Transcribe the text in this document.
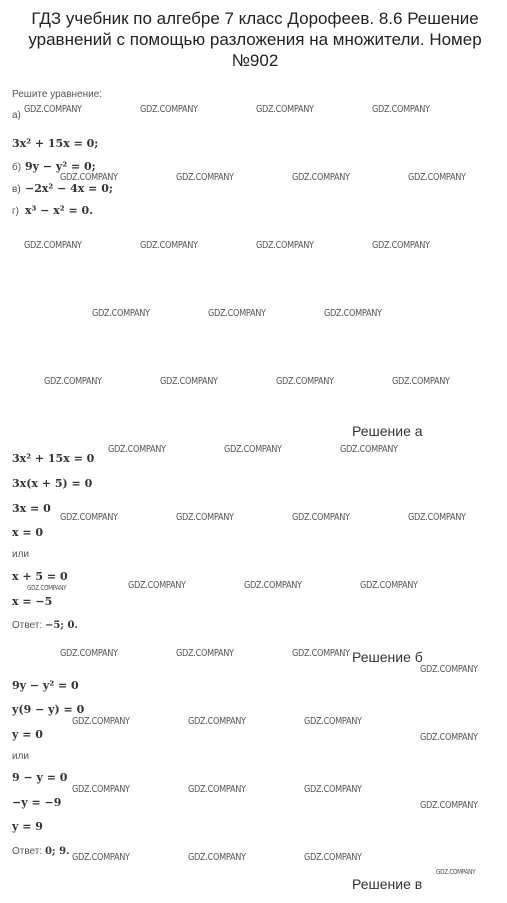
ГДЗ учебник по алгебре 7 класс Дорофеев. 8.6 Решение уравнений с помощью разложения на множители. Номер №902
Решите уравнение:
а)
3x² + 15x = 0;
б) 9y − y² = 0;
в) −2x² − 4x = 0;
г) x³ − x² = 0.
Решение а
3x² + 15x = 0
3x(x + 5) = 0
3x = 0
x = 0
или
x + 5 = 0
x = −5
Ответ: −5; 0.
Решение б
9y − y² = 0
y(9 − y) = 0
y = 0
или
9 − y = 0
−y = −9
y = 9
Ответ: 0; 9.
Решение в
GDZ.COMPANY	GDZ.COMPANY	GDZ.COMPANY	GDZ.COMPANY
GDZ.COMPANY	GDZ.COMPANY	GDZ.COMPANY	GDZ.COMPANY
GDZ.COMPANY	GDZ.COMPANY	GDZ.COMPANY	GDZ.COMPANY
GDZ.COMPANY	GDZ.COMPANY	GDZ.COMPANY
GDZ.COMPANY	GDZ.COMPANY	GDZ.COMPANY	GDZ.COMPANY
GDZ.COMPANY	GDZ.COMPANY	GDZ.COMPANY
GDZ.COMPANY	GDZ.COMPANY	GDZ.COMPANY	GDZ.COMPANY
GDZ.COMPANY	GDZ.COMPANY	GDZ.COMPANY	GDZ.COMPANY
GDZ.COMPANY	GDZ.COMPANY	GDZ.COMPANY
GDZ.COMPANY
GDZ.COMPANY	GDZ.COMPANY	GDZ.COMPANY
GDZ.COMPANY
GDZ.COMPANY	GDZ.COMPANY	GDZ.COMPANY
GDZ.COMPANY
GDZ.COMPANY	GDZ.COMPANY	GDZ.COMPANY
GDZ.COMPANY
